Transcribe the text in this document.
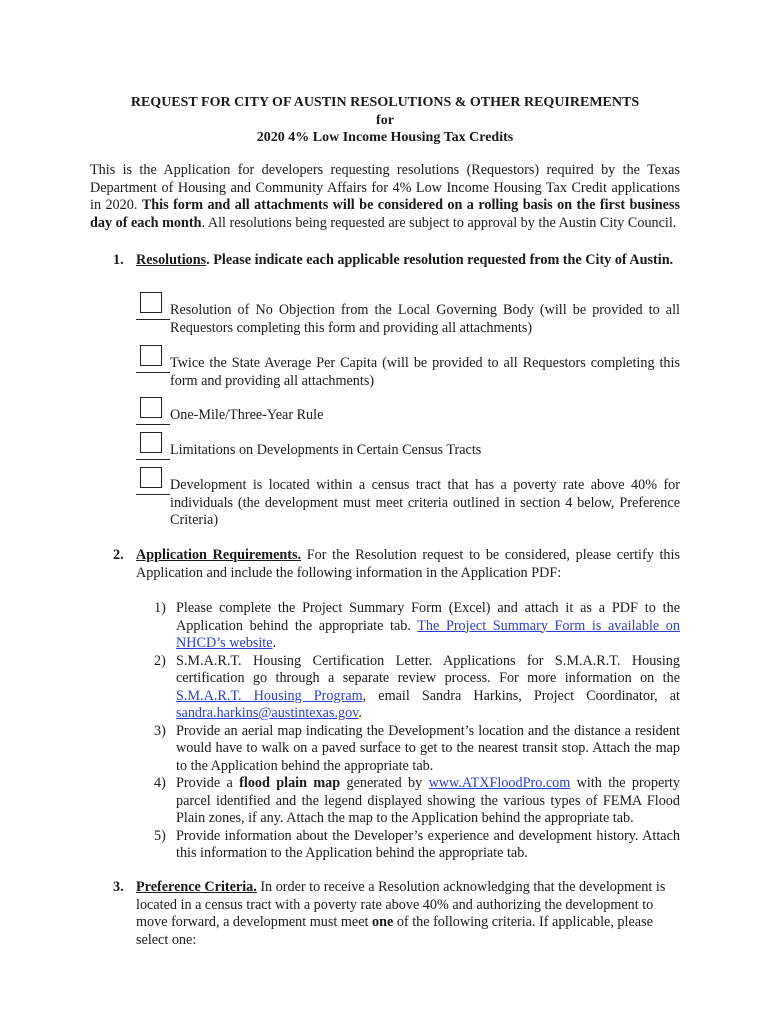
REQUEST FOR CITY OF AUSTIN RESOLUTIONS & OTHER REQUIREMENTS
for
2020 4% Low Income Housing Tax Credits
This is the Application for developers requesting resolutions (Requestors) required by the Texas Department of Housing and Community Affairs for 4% Low Income Housing Tax Credit applications in 2020. This form and all attachments will be considered on a rolling basis on the first business day of each month. All resolutions being requested are subject to approval by the Austin City Council.
1. Resolutions. Please indicate each applicable resolution requested from the City of Austin.
Resolution of No Objection from the Local Governing Body (will be provided to all Requestors completing this form and providing all attachments)
Twice the State Average Per Capita (will be provided to all Requestors completing this form and providing all attachments)
One-Mile/Three-Year Rule
Limitations on Developments in Certain Census Tracts
Development is located within a census tract that has a poverty rate above 40% for individuals (the development must meet criteria outlined in section 4 below, Preference Criteria)
2. Application Requirements. For the Resolution request to be considered, please certify this Application and include the following information in the Application PDF:
1) Please complete the Project Summary Form (Excel) and attach it as a PDF to the Application behind the appropriate tab. The Project Summary Form is available on NHCD’s website.
2) S.M.A.R.T. Housing Certification Letter. Applications for S.M.A.R.T. Housing certification go through a separate review process. For more information on the S.M.A.R.T. Housing Program, email Sandra Harkins, Project Coordinator, at sandra.harkins@austintexas.gov.
3) Provide an aerial map indicating the Development’s location and the distance a resident would have to walk on a paved surface to get to the nearest transit stop. Attach the map to the Application behind the appropriate tab.
4) Provide a flood plain map generated by www.ATXFloodPro.com with the property parcel identified and the legend displayed showing the various types of FEMA Flood Plain zones, if any. Attach the map to the Application behind the appropriate tab.
5) Provide information about the Developer’s experience and development history. Attach this information to the Application behind the appropriate tab.
3. Preference Criteria. In order to receive a Resolution acknowledging that the development is located in a census tract with a poverty rate above 40% and authorizing the development to move forward, a development must meet one of the following criteria. If applicable, please select one:
